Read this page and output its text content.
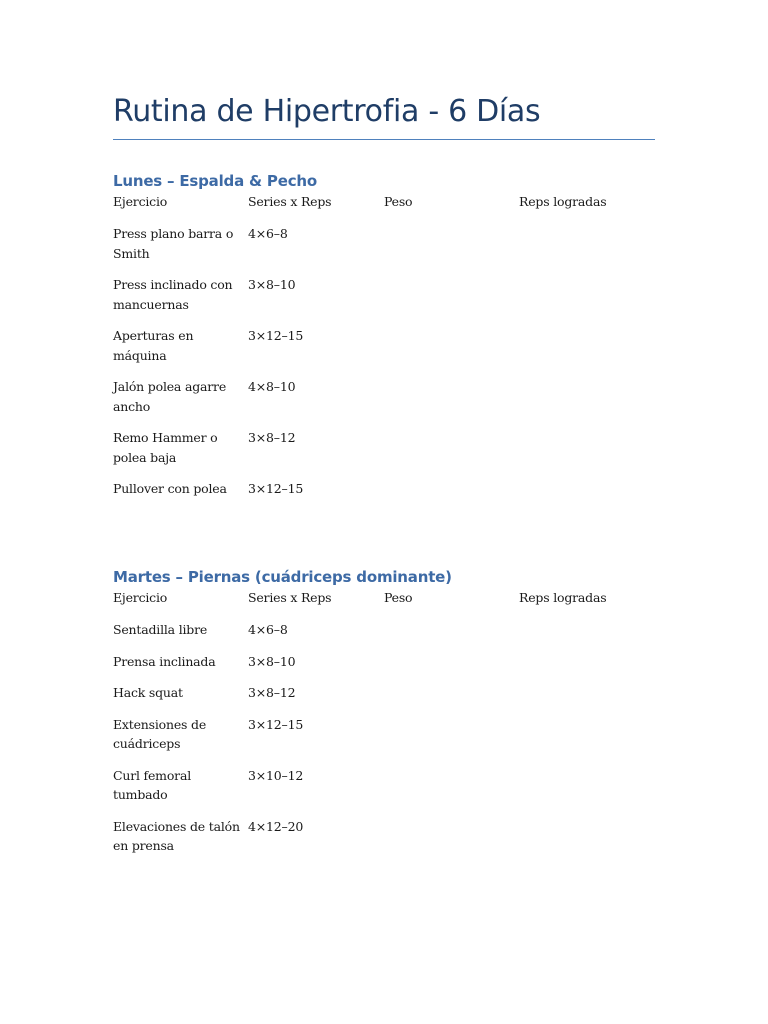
Rutina de Hipertrofia - 6 Días
Lunes – Espalda & Pecho
Ejercicio	Series x Reps	Peso	Reps logradas
Press plano barra o Smith	4×6–8		
Press inclinado con mancuernas	3×8–10		
Aperturas en máquina	3×12–15		
Jalón polea agarre ancho	4×8–10		
Remo Hammer o polea baja	3×8–12		
Pullover con polea	3×12–15		
Martes – Piernas (cuádriceps dominante)
Ejercicio	Series x Reps	Peso	Reps logradas
Sentadilla libre	4×6–8		
Prensa inclinada	3×8–10		
Hack squat	3×8–12		
Extensiones de cuádriceps	3×12–15		
Curl femoral tumbado	3×10–12		
Elevaciones de talón en prensa	4×12–20		
